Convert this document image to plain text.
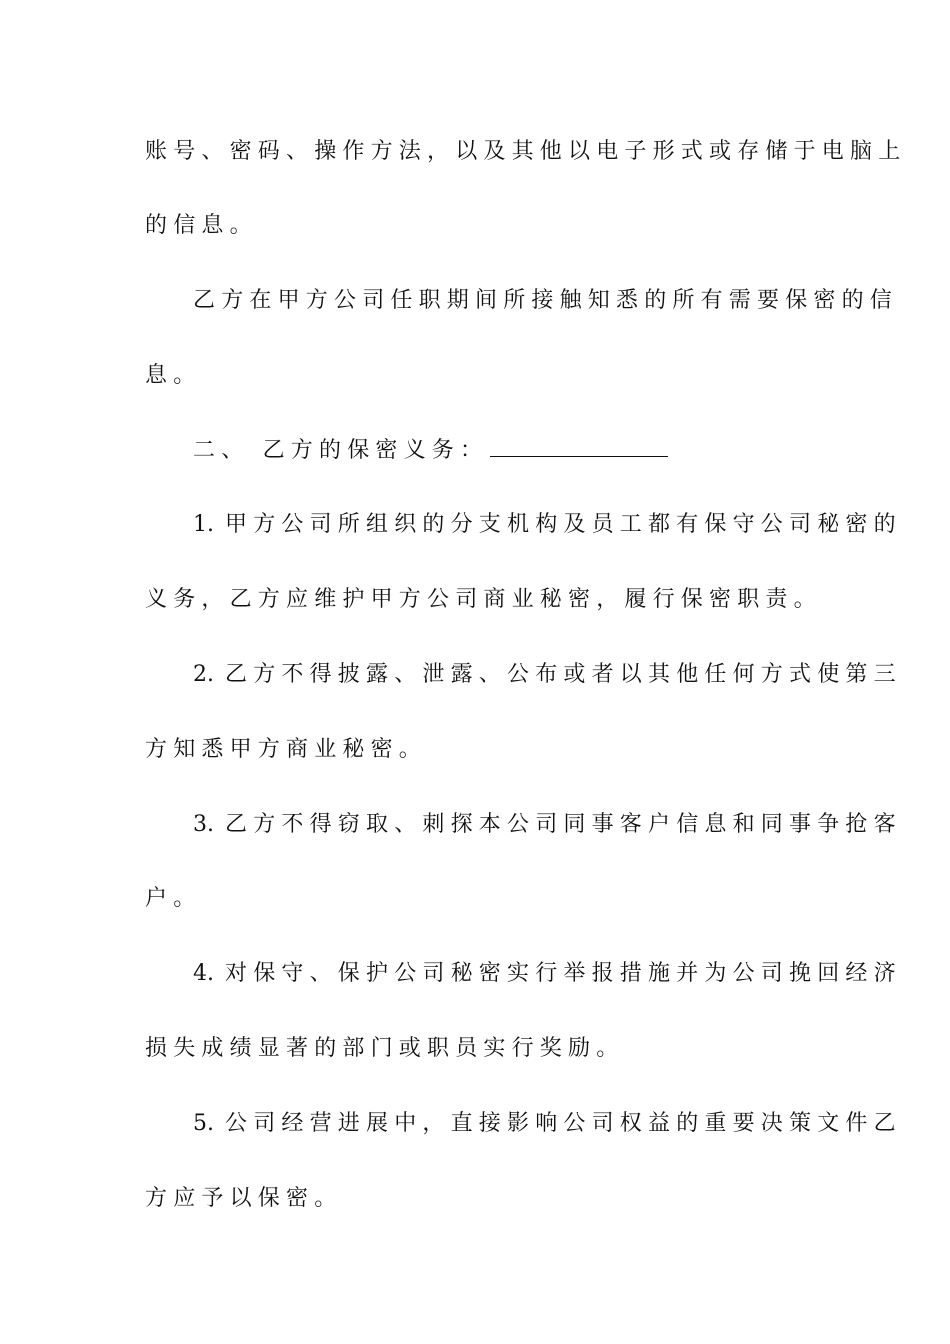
账号、密码、操作方法，以及其他以电子形式或存储于电脑上
的信息。
乙方在甲方公司任职期间所接触知悉的所有需要保密的信
息。
二、 乙方的保密义务：
1. 甲方公司所组织的分支机构及员工都有保守公司秘密的
义务，乙方应维护甲方公司商业秘密，履行保密职责。
2. 乙方不得披露、泄露、公布或者以其他任何方式使第三
方知悉甲方商业秘密。
3. 乙方不得窃取、刺探本公司同事客户信息和同事争抢客
户。
4. 对保守、保护公司秘密实行举报措施并为公司挽回经济
损失成绩显著的部门或职员实行奖励。
5. 公司经营进展中，直接影响公司权益的重要决策文件乙
方应予以保密。
